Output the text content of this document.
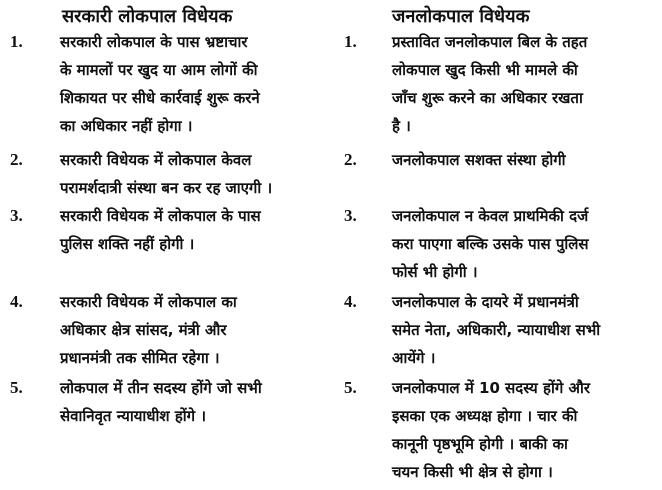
सरकारी लोकपाल विधेयक	जनलोकपाल विधेयक
1. सरकारी लोकपाल के पास भ्रष्टाचार
के मामलों पर खुद या आम लोगों की
शिकायत पर सीधे कार्रवाई शुरू करने
का अधिकार नहीं होगा ।
1. प्रस्तावित जनलोकपाल बिल के तहत
लोकपाल खुद किसी भी मामले की
जाँच शुरू करने का अधिकार रखता
है ।
2. सरकारी विधेयक में लोकपाल केवल
परामर्शदात्री संस्था बन कर रह जाएगी ।
2. जनलोकपाल सशक्त संस्था होगी
3. सरकारी विधेयक में लोकपाल के पास
पुलिस शक्ति नहीं होगी ।
3. जनलोकपाल न केवल प्राथमिकी दर्ज
करा पाएगा बल्कि उसके पास पुलिस
फोर्स भी होगी ।
4. सरकारी विधेयक में लोकपाल का
अधिकार क्षेत्र सांसद, मंत्री और
प्रधानमंत्री तक सीमित रहेगा ।
4. जनलोकपाल के दायरे में प्रधानमंत्री
समेत नेता, अधिकारी, न्यायाधीश सभी
आयेंगे ।
5. लोकपाल में तीन सदस्य होंगे जो सभी
सेवानिवृत न्यायाधीश होंगे ।
5. जनलोकपाल में 10 सदस्य होंगे और
इसका एक अध्यक्ष होगा । चार की
कानूनी पृष्ठभूमि होगी । बाकी का
चयन किसी भी क्षेत्र से होगा ।
